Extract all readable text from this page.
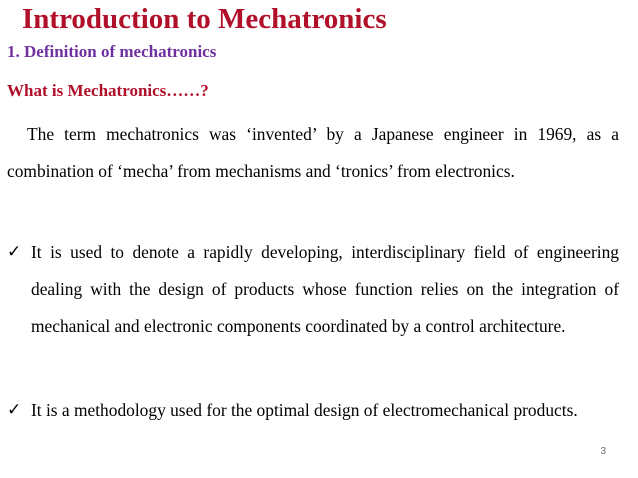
Introduction to Mechatronics
1. Definition of mechatronics
What is Mechatronics……?

The term mechatronics was ‘invented’ by a Japanese engineer in 1969, as a combination of ‘mecha’ from mechanisms and ‘tronics’ from electronics.

✓ It is used to denote a rapidly developing, interdisciplinary field of engineering dealing with the design of products whose function relies on the integration of mechanical and electronic components coordinated by a control architecture.

✓ It is a methodology used for the optimal design of electromechanical products.

3
